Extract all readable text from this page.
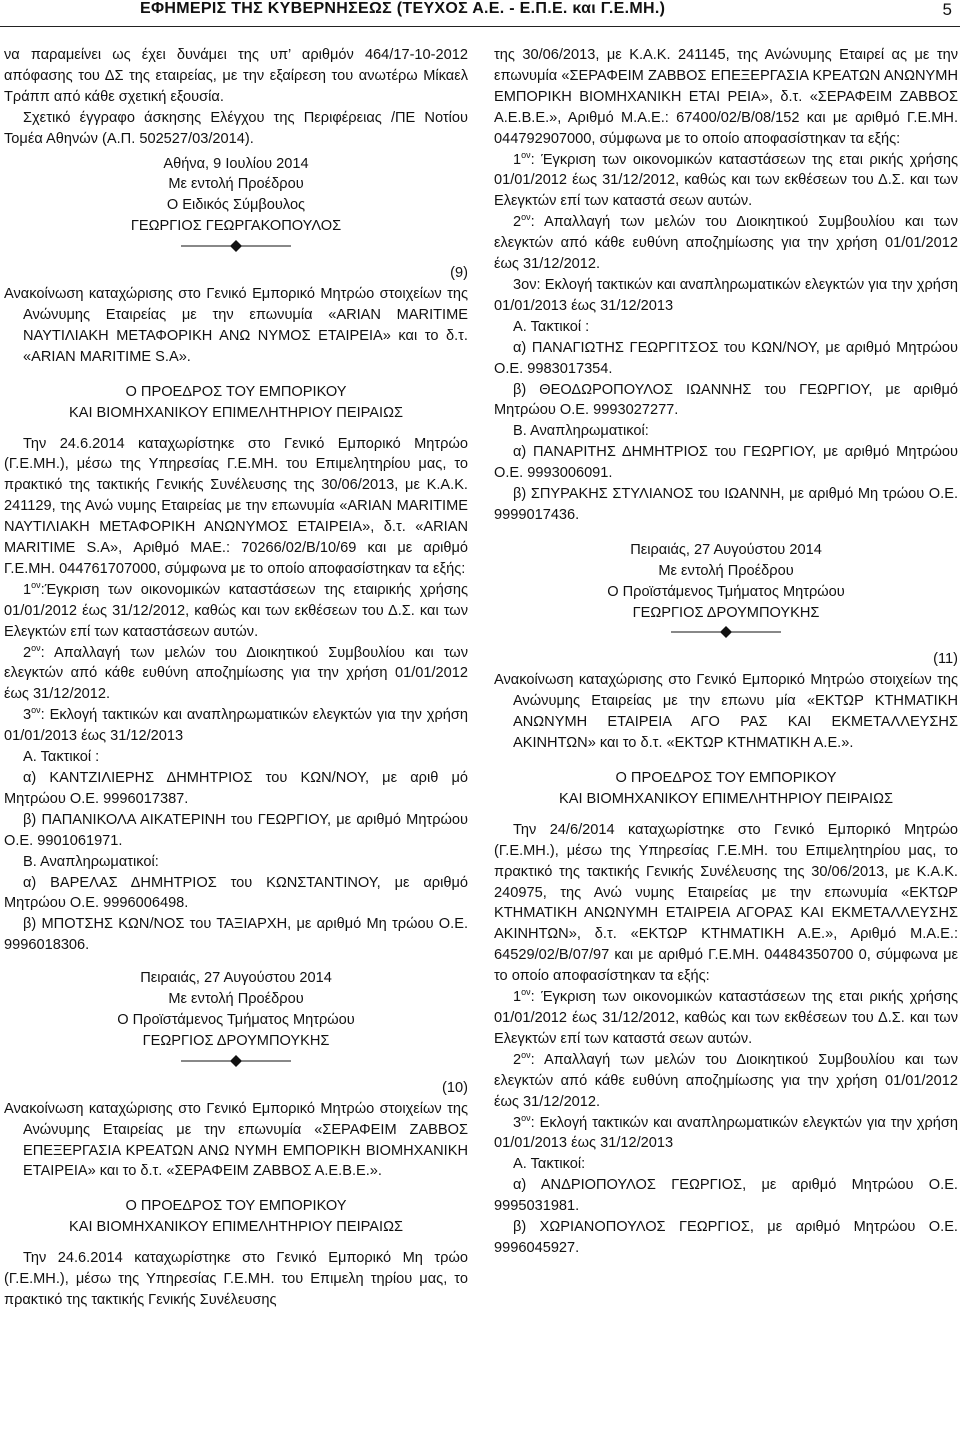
ΕΦΗΜΕΡΙΣ ΤΗΣ ΚΥΒΕΡΝΗΣΕΩΣ (ΤΕΥΧΟΣ Α.Ε. - Ε.Π.Ε. και Γ.Ε.ΜΗ.)	5

να παραμείνει ως έχει δυνάμει της υπ’ αριθμόν 464/17-10-2012 απόφασης του ΔΣ της εταιρείας, με την εξαίρεση του ανωτέρω Μίκαελ Τράππ από κάθε σχετική εξουσία.

Σχετικό έγγραφο άσκησης Ελέγχου της Περιφέρειας /ΠΕ Νοτίου Τομέα Αθηνών (Α.Π. 502527/03/2014).

Αθήνα, 9 Ιουλίου 2014

Με εντολή Προέδρου

Ο Ειδικός Σύμβουλος

ΓΕΩΡΓΙΟΣ ΓΕΩΡΓΑΚΟΠΟΥΛΟΣ

(9)

Ανακοίνωση καταχώρισης στο Γενικό Εμπορικό Μητρώο στοιχείων της Ανώνυμης Εταιρείας με την επωνυμία «ARIAN MARITIME ΝΑΥΤΙΛΙΑΚΗ ΜΕΤΑΦΟΡΙΚΗ ΑΝΩ ΝΥΜΟΣ ΕΤΑΙΡΕΙΑ» και το δ.τ. «ARIAN MARITIME S.A».

Ο ΠΡΟΕΔΡΟΣ ΤΟΥ ΕΜΠΟΡΙΚΟΥ

ΚΑΙ ΒΙΟΜΗΧΑΝΙΚΟΥ ΕΠΙΜΕΛΗΤΗΡΙΟΥ ΠΕΙΡΑΙΩΣ

Την 24.6.2014 καταχωρίστηκε στο Γενικό Εμπορικό Μητρώο (Γ.Ε.ΜΗ.), μέσω της Υπηρεσίας Γ.Ε.ΜΗ. του Επιμελητηρίου μας, το πρακτικό της τακτικής Γενικής Συνέλευσης της 30/06/2013, με Κ.Α.Κ. 241129, της Ανώ νυμης Εταιρείας με την επωνυμία «ARIAN MARITIME ΝΑΥΤΙΛΙΑΚΗ ΜΕΤΑΦΟΡΙΚΗ ΑΝΩΝΥΜΟΣ ΕΤΑΙΡΕΙΑ», δ.τ. «ARIAN MARITIME S.A», Αριθμό ΜΑΕ.: 70266/02/Β/10/69 και με αριθμό Γ.Ε.ΜΗ. 044761707000, σύμφωνα με το οποίο αποφασίστηκαν τα εξής:

$1^{o\nu}:Έ\gamma\kappa\rho\iota\sigma\eta$ των οικονομικών καταστάσεων της εταιρικής χρήσης 01/01/2012 έως 31/12/2012, καθώς και των εκθέσεων του Δ.Σ. και των Ελεγκτών επί των καταστάσεων αυτών.

$2^{o\nu}$: Απαλλαγή των μελών του Διοικητικού Συμβουλίου και των ελεγκτών από κάθε ευθύνη αποζημίωσης για την χρήση 01/01/2012 έως 31/12/2012.

$3^{o\nu}$: Εκλογή τακτικών και αναπληρωματικών ελεγκτών για την χρήση 01/01/2013 έως 31/12/2013

Α. Τακτικοί :

α) ΚΑΝΤΖΙΛΙΕΡΗΣ ΔΗΜΗΤΡΙΟΣ του ΚΩΝ/ΝΟΥ, με αριθ μό Μητρώου Ο.Ε. 9996017387.

β) ΠΑΠΑΝΙΚΟΛΑ ΑΙΚΑΤΕΡΙΝΗ του ΓΕΩΡΓΙΟΥ, με αριθμό Μητρώου Ο.Ε. 9901061971.

Β. Αναπληρωματικοί:

α) ΒΑΡΕΛΑΣ ΔΗΜΗΤΡΙΟΣ του ΚΩΝΣΤΑΝΤΙΝΟΥ, με αριθμό Μητρώου Ο.Ε. 9996006498.

β) ΜΠΟΤΣΗΣ ΚΩΝ/ΝΟΣ του ΤΑΞΙΑΡΧΗ, με αριθμό Μη τρώου Ο.Ε. 9996018306.

Πειραιάς, 27 Αυγούστου 2014

Με εντολή Προέδρου

Ο Προϊστάμενος Τμήματος Μητρώου

ΓΕΩΡΓΙΟΣ ΔΡΟΥΜΠΟΥΚΗΣ

(10)

Ανακοίνωση καταχώρισης στο Γενικό Εμπορικό Μητρώο στοιχείων της Ανώνυμης Εταιρείας με την επωνυμία «ΣΕΡΑΦΕΙΜ ΖΑΒΒΟΣ ΕΠΕΞΕΡΓΑΣΙΑ ΚΡΕΑΤΩΝ ΑΝΩ ΝΥΜΗ ΕΜΠΟΡΙΚΗ ΒΙΟΜΗΧΑΝΙΚΗ ΕΤΑΙΡΕΙΑ» και το δ.τ. «ΣΕΡΑΦΕΙΜ ΖΑΒΒΟΣ Α.Ε.Β.Ε.».

Ο ΠΡΟΕΔΡΟΣ ΤΟΥ ΕΜΠΟΡΙΚΟΥ

ΚΑΙ ΒΙΟΜΗΧΑΝΙΚΟΥ ΕΠΙΜΕΛΗΤΗΡΙΟΥ ΠΕΙΡΑΙΩΣ

Την 24.6.2014 καταχωρίστηκε στο Γενικό Εμπορικό Μη τρώο (Γ.Ε.ΜΗ.), μέσω της Υπηρεσίας Γ.Ε.ΜΗ. του Επιμελη τηρίου μας, το πρακτικό της τακτικής Γενικής Συνέλευσης

της 30/06/2013, με Κ.Α.Κ. 241145, της Ανώνυμης Εταιρεί ας με την επωνυμία «ΣΕΡΑΦΕΙΜ ΖΑΒΒΟΣ ΕΠΕΞΕΡΓΑΣΙΑ ΚΡΕΑΤΩΝ ΑΝΩΝΥΜΗ ΕΜΠΟΡΙΚΗ ΒΙΟΜΗΧΑΝΙΚΗ ΕΤΑΙ ΡΕΙΑ», δ.τ. «ΣΕΡΑΦΕΙΜ ΖΑΒΒΟΣ Α.Ε.Β.Ε.», Αριθμό Μ.Α.Ε.: 67400/02/Β/08/152 και με αριθμό Γ.Ε.ΜΗ. 044792907000, σύμφωνα με το οποίο αποφασίστηκαν τα εξής:

$1^{o\nu}$: Έγκριση των οικονομικών καταστάσεων της εται ρικής χρήσης 01/01/2012 έως 31/12/2012, καθώς και των εκθέσεων του Δ.Σ. και των Ελεγκτών επί των καταστά σεων αυτών.

$2^{o\nu}$: Απαλλαγή των μελών του Διοικητικού Συμβουλίου και των ελεγκτών από κάθε ευθύνη αποζημίωσης για την χρήση 01/01/2012 έως 31/12/2012.

3ον: Εκλογή τακτικών και αναπληρωματικών ελεγκτών για την χρήση 01/01/2013 έως 31/12/2013

Α. Τακτικοί :

α) ΠΑΝΑΓΙΩΤΗΣ ΓΕΩΡΓΙΤΣΟΣ του ΚΩΝ/ΝΟΥ, με αριθμό Μητρώου Ο.Ε. 9983017354.

β) ΘΕΟΔΩΡΟΠΟΥΛΟΣ ΙΩΑΝΝΗΣ του ΓΕΩΡΓΙΟΥ, με αριθμό Μητρώου Ο.Ε. 9993027277.

Β. Αναπληρωματικοί:

α) ΠΑΝΑΡΙΤΗΣ ΔΗΜΗΤΡΙΟΣ του ΓΕΩΡΓΙΟΥ, με αριθμό Μητρώου Ο.Ε. 9993006091.

β) ΣΠΥΡΑΚΗΣ ΣΤΥΛΙΑΝΟΣ του ΙΩΑΝΝΗ, με αριθμό Μη τρώου Ο.Ε. 9999017436.

Πειραιάς, 27 Αυγούστου 2014

Με εντολή Προέδρου

Ο Προϊστάμενος Τμήματος Μητρώου

ΓΕΩΡΓΙΟΣ ΔΡΟΥΜΠΟΥΚΗΣ

(11)

Ανακοίνωση καταχώρισης στο Γενικό Εμπορικό Μητρώο στοιχείων της Ανώνυμης Εταιρείας με την επωνυ μία «ΕΚΤΩΡ ΚΤΗΜΑΤΙΚΗ ΑΝΩΝΥΜΗ ΕΤΑΙΡΕΙΑ ΑΓΟ ΡΑΣ ΚΑΙ ΕΚΜΕΤΑΛΛΕΥΣΗΣ ΑΚΙΝΗΤΩΝ» και το δ.τ. «ΕΚΤΩΡ ΚΤΗΜΑΤΙΚΗ Α.Ε.».

Ο ΠΡΟΕΔΡΟΣ ΤΟΥ ΕΜΠΟΡΙΚΟΥ

ΚΑΙ ΒΙΟΜΗΧΑΝΙΚΟΥ ΕΠΙΜΕΛΗΤΗΡΙΟΥ ΠΕΙΡΑΙΩΣ

Την 24/6/2014 καταχωρίστηκε στο Γενικό Εμπορικό Μητρώο (Γ.Ε.ΜΗ.), μέσω της Υπηρεσίας Γ.Ε.ΜΗ. του Επιμελητηρίου μας, το πρακτικό της τακτικής Γενικής Συνέλευσης της 30/06/2013, με Κ.Α.Κ. 240975, της Ανώ νυμης Εταιρείας με την επωνυμία «ΕΚΤΩΡ ΚΤΗΜΑΤΙΚΗ ΑΝΩΝΥΜΗ ΕΤΑΙΡΕΙΑ ΑΓΟΡΑΣ ΚΑΙ ΕΚΜΕΤΑΛΛΕΥΣΗΣ ΑΚΙΝΗΤΩΝ», δ.τ. «ΕΚΤΩΡ ΚΤΗΜΑΤΙΚΗ Α.Ε.», Αριθμό Μ.Α.Ε.: 64529/02/Β/07/97 και με αριθμό Γ.Ε.ΜΗ. 04484350700 0, σύμφωνα με το οποίο αποφασίστηκαν τα εξής:

$1^{o\nu}$: Έγκριση των οικονομικών καταστάσεων της εται ρικής χρήσης 01/01/2012 έως 31/12/2012, καθώς και των εκθέσεων του Δ.Σ. και των Ελεγκτών επί των καταστά σεων αυτών.

$2^{o\nu}$: Απαλλαγή των μελών του Διοικητικού Συμβουλίου και των ελεγκτών από κάθε ευθύνη αποζημίωσης για την χρήση 01/01/2012 έως 31/12/2012.

$3^{o\nu}$: Εκλογή τακτικών και αναπληρωματικών ελεγκτών για την χρήση 01/01/2013 έως 31/12/2013

Α. Τακτικοί:

α) ΑΝΔΡΙΟΠΟΥΛΟΣ ΓΕΩΡΓΙΟΣ, με αριθμό Μητρώου Ο.Ε. 9995031981.

β) ΧΩΡΙΑΝΟΠΟΥΛΟΣ ΓΕΩΡΓΙΟΣ, με αριθμό Μητρώου Ο.Ε. 9996045927.
